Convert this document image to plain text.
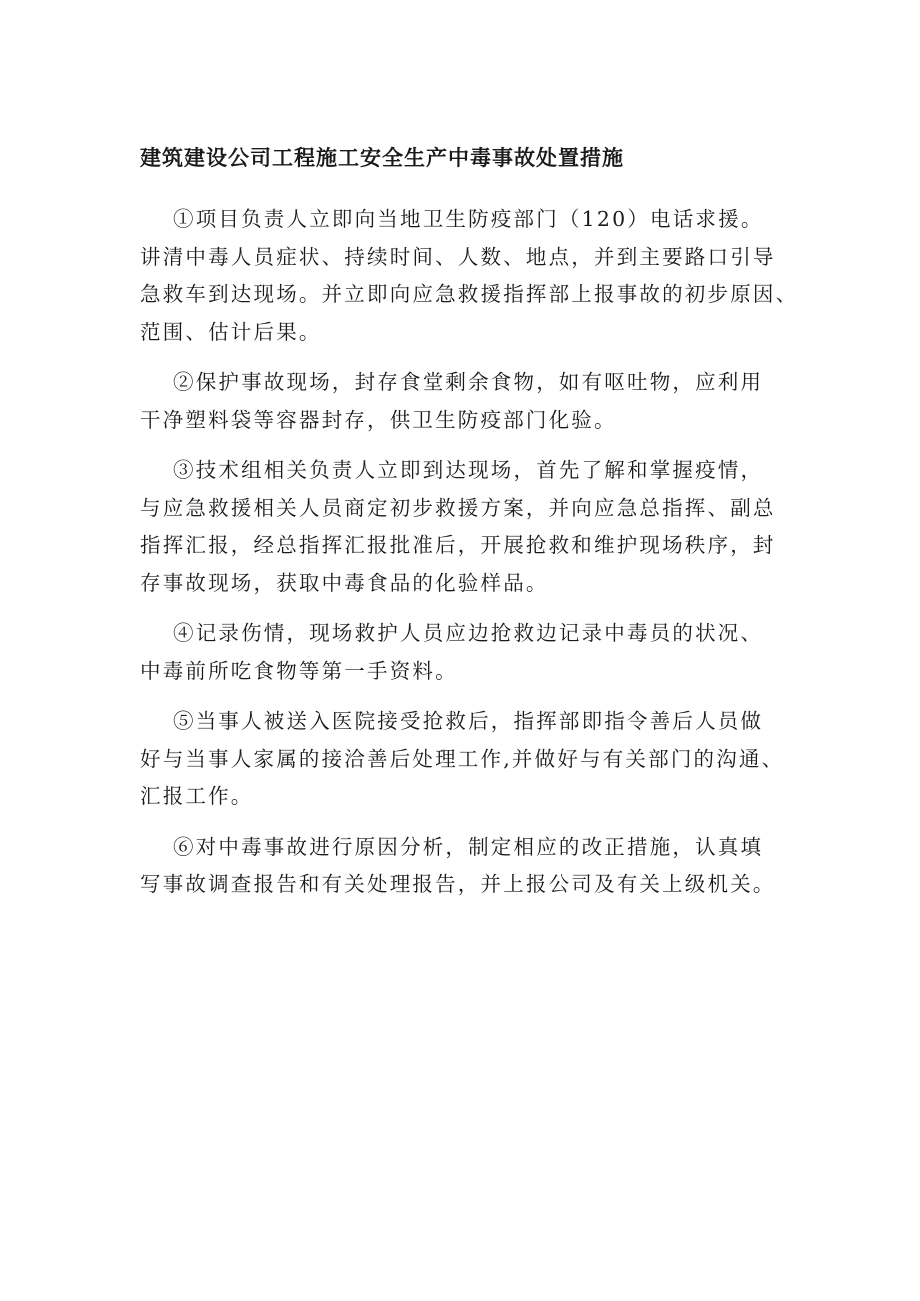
建筑建设公司工程施工安全生产中毒事故处置措施

①项目负责人立即向当地卫生防疫部门（120）电话求援。
讲清中毒人员症状、持续时间、人数、地点，并到主要路口引导
急救车到达现场。并立即向应急救援指挥部上报事故的初步原因、
范围、估计后果。

②保护事故现场，封存食堂剩余食物，如有呕吐物，应利用
干净塑料袋等容器封存，供卫生防疫部门化验。

③技术组相关负责人立即到达现场，首先了解和掌握疫情，
与应急救援相关人员商定初步救援方案，并向应急总指挥、副总
指挥汇报，经总指挥汇报批准后，开展抢救和维护现场秩序，封
存事故现场，获取中毒食品的化验样品。

④记录伤情，现场救护人员应边抢救边记录中毒员的状况、
中毒前所吃食物等第一手资料。

⑤当事人被送入医院接受抢救后，指挥部即指令善后人员做
好与当事人家属的接洽善后处理工作,并做好与有关部门的沟通、
汇报工作。

⑥对中毒事故进行原因分析，制定相应的改正措施，认真填
写事故调查报告和有关处理报告，并上报公司及有关上级机关。
